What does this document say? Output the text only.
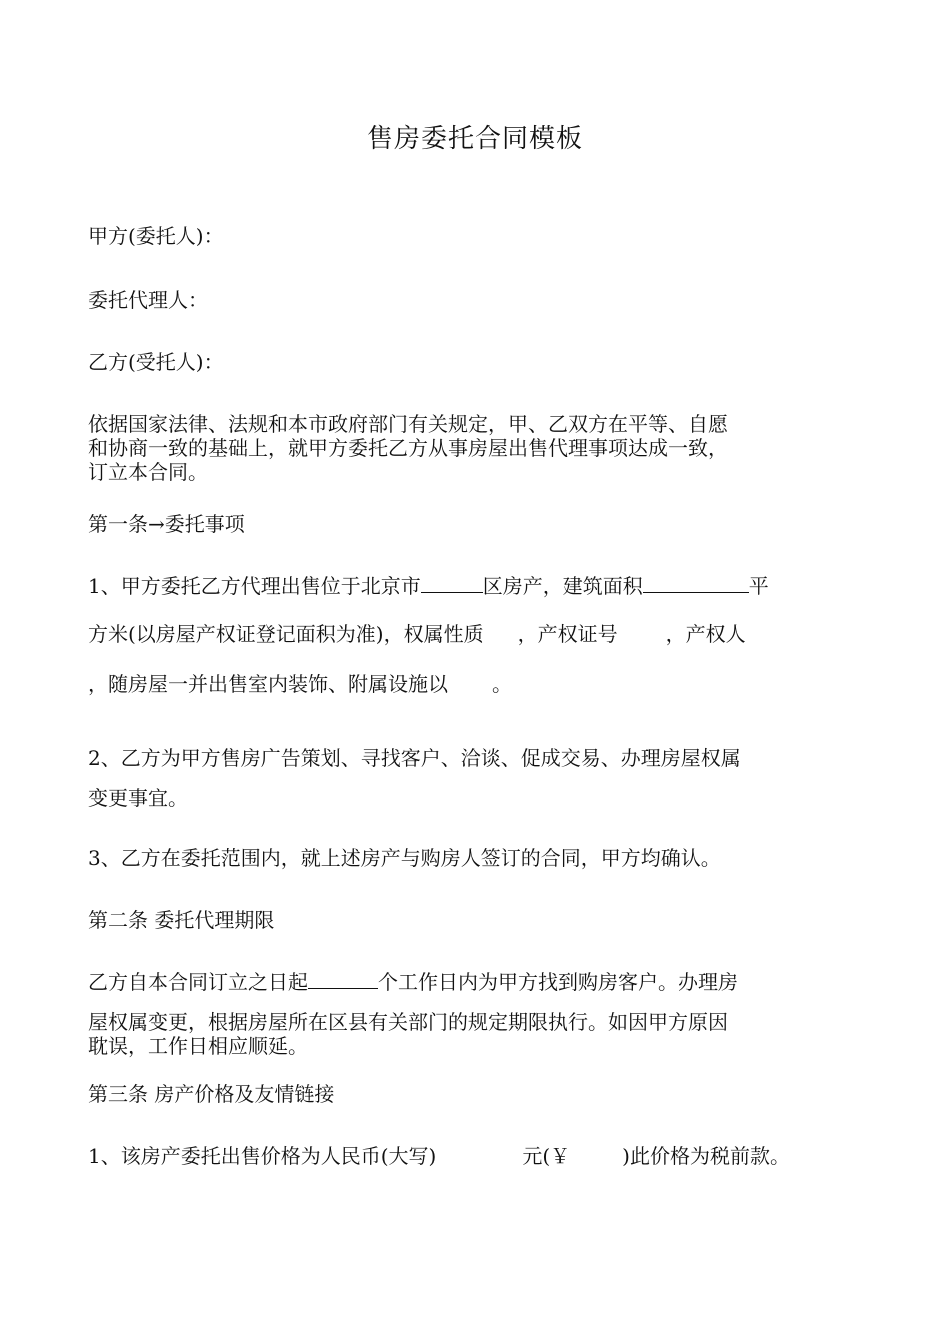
售房委托合同模板
甲方(委托人)：
委托代理人：
乙方(受托人)：
依据国家法律、法规和本市政府部门有关规定，甲、乙双方在平等、自愿
和协商一致的基础上，就甲方委托乙方从事房屋出售代理事项达成一致，
订立本合同。
第一条→委托事项
1、甲方委托乙方代理出售位于北京市	区房产，建筑面积	平
方米(以房屋产权证登记面积为准)，权属性质 ，产权证号 ，产权人
，随房屋一并出售室内装饰、附属设施以 。
2、乙方为甲方售房广告策划、寻找客户、洽谈、促成交易、办理房屋权属
变更事宜。
3、乙方在委托范围内，就上述房产与购房人签订的合同，甲方均确认。
第二条 委托代理期限
乙方自本合同订立之日起	个工作日内为甲方找到购房客户。办理房
屋权属变更，根据房屋所在区县有关部门的规定期限执行。如因甲方原因
耽误，工作日相应顺延。
第三条 房产价格及友情链接
1、该房产委托出售价格为人民币(大写)	元(￥	)此价格为税前款。
